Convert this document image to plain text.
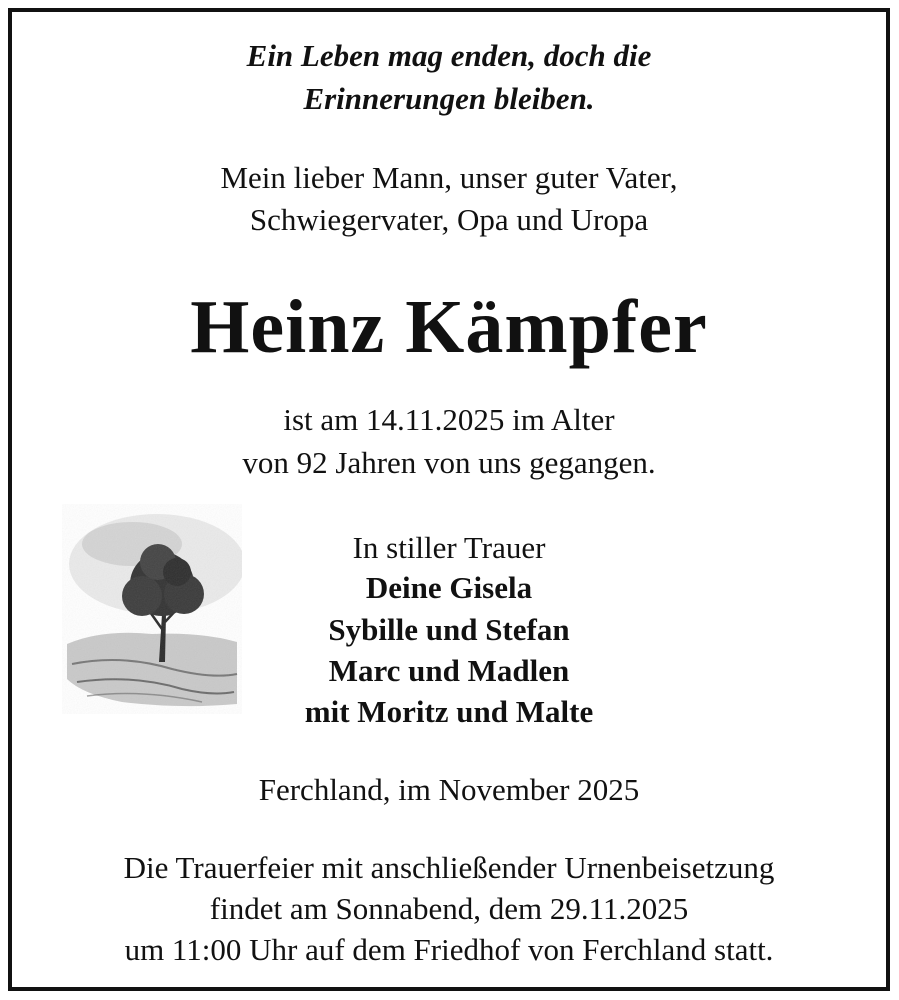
Ein Leben mag enden, doch die
Erinnerungen bleiben.
Mein lieber Mann, unser guter Vater,
Schwiegervater, Opa und Uropa
Heinz Kämpfer
ist am 14.11.2025 im Alter
von 92 Jahren von uns gegangen.
In stiller Trauer
Deine Gisela
Sybille und Stefan
Marc und Madlen
mit Moritz und Malte
Ferchland, im November 2025
Die Trauerfeier mit anschließender Urnenbeisetzung
findet am Sonnabend, dem 29.11.2025
um 11:00 Uhr auf dem Friedhof von Ferchland statt.
